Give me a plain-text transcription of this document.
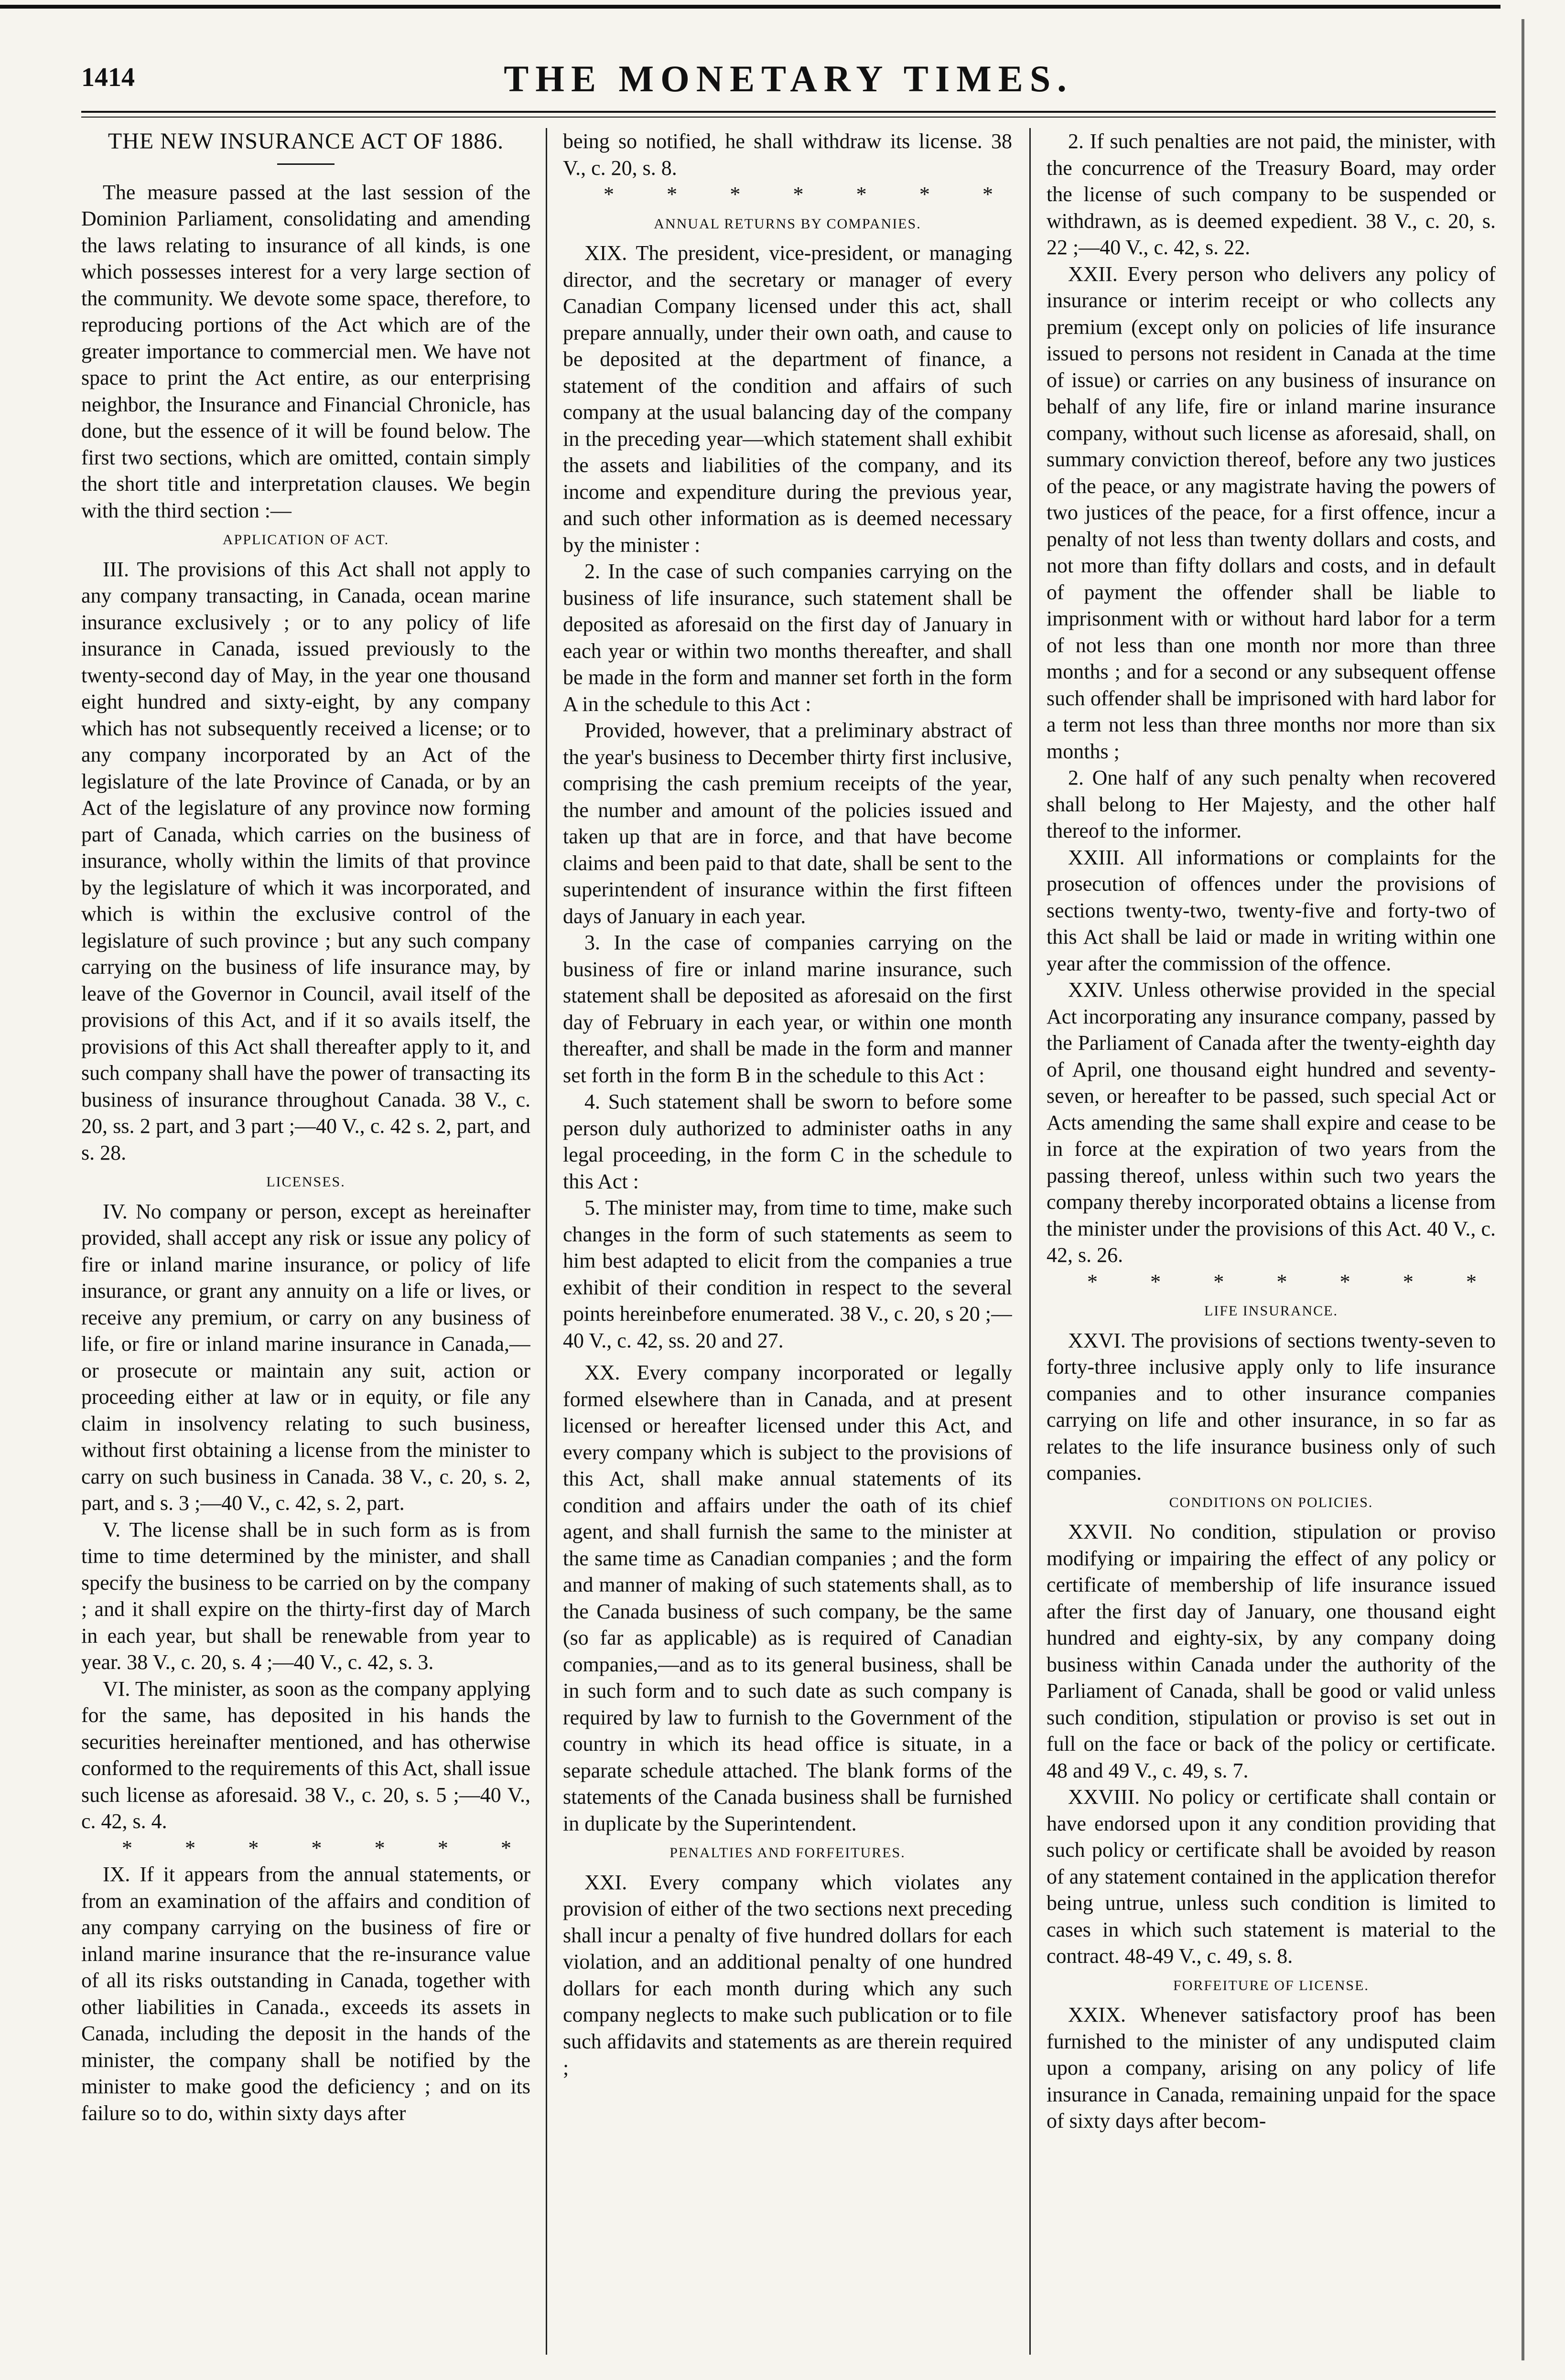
1414	THE MONETARY TIMES.
THE NEW INSURANCE ACT OF 1886.

The measure passed at the last session of the Dominion Parliament, consolidating and amending the laws relating to insurance of all kinds, is one which possesses interest for a very large section of the community. We devote some space, therefore, to reproducing portions of the Act which are of the greater importance to commercial men. We have not space to print the Act entire, as our enterprising neighbor, the Insurance and Financial Chronicle, has done, but the essence of it will be found below. The first two sections, which are omitted, contain simply the short title and interpretation clauses. We begin with the third section :—

APPLICATION OF ACT.

III. The provisions of this Act shall not apply to any company transacting, in Canada, ocean marine insurance exclusively ; or to any policy of life insurance in Canada, issued previously to the twenty-second day of May, in the year one thousand eight hundred and sixty-eight, by any company which has not subsequently received a license; or to any company incorporated by an Act of the legislature of the late Province of Canada, or by an Act of the legislature of any province now forming part of Canada, which carries on the business of insurance, wholly within the limits of that province by the legislature of which it was incorporated, and which is within the exclusive control of the legislature of such province ; but any such company carrying on the business of life insurance may, by leave of the Governor in Council, avail itself of the provisions of this Act, and if it so avails itself, the provisions of this Act shall thereafter apply to it, and such company shall have the power of transacting its business of insurance throughout Canada. 38 V., c. 20, ss. 2 part, and 3 part ;—40 V., c. 42 s. 2, part, and s. 28.

LICENSES.

IV. No company or person, except as hereinafter provided, shall accept any risk or issue any policy of fire or inland marine insurance, or policy of life insurance, or grant any annuity on a life or lives, or receive any premium, or carry on any business of life, or fire or inland marine insurance in Canada,—or prosecute or maintain any suit, action or proceeding either at law or in equity, or file any claim in insolvency relating to such business, without first obtaining a license from the minister to carry on such business in Canada. 38 V., c. 20, s. 2, part, and s. 3 ;—40 V., c. 42, s. 2, part.

V. The license shall be in such form as is from time to time determined by the minister, and shall specify the business to be carried on by the company ; and it shall expire on the thirty-first day of March in each year, but shall be renewable from year to year. 38 V., c. 20, s. 4 ;—40 V., c. 42, s. 3.

VI. The minister, as soon as the company applying for the same, has deposited in his hands the securities hereinafter mentioned, and has otherwise conformed to the requirements of this Act, shall issue such license as aforesaid. 38 V., c. 20, s. 5 ;—40 V., c. 42, s. 4.

* * * * * * *

IX. If it appears from the annual statements, or from an examination of the affairs and condition of any company carrying on the business of fire or inland marine insurance that the re-insurance value of all its risks outstanding in Canada, together with other liabilities in Canada., exceeds its assets in Canada, including the deposit in the hands of the minister, the company shall be notified by the minister to make good the deficiency ; and on its failure so to do, within sixty days after

being so notified, he shall withdraw its license. 38 V., c. 20, s. 8.

* * * * * * *

ANNUAL RETURNS BY COMPANIES.

XIX. The president, vice-president, or managing director, and the secretary or manager of every Canadian Company licensed under this act, shall prepare annually, under their own oath, and cause to be deposited at the department of finance, a statement of the condition and affairs of such company at the usual balancing day of the company in the preceding year—which statement shall exhibit the assets and liabilities of the company, and its income and expenditure during the previous year, and such other information as is deemed necessary by the minister :

2. In the case of such companies carrying on the business of life insurance, such statement shall be deposited as aforesaid on the first day of January in each year or within two months thereafter, and shall be made in the form and manner set forth in the form A in the schedule to this Act :

Provided, however, that a preliminary abstract of the year's business to December thirty first inclusive, comprising the cash premium receipts of the year, the number and amount of the policies issued and taken up that are in force, and that have become claims and been paid to that date, shall be sent to the superintendent of insurance within the first fifteen days of January in each year.

3. In the case of companies carrying on the business of fire or inland marine insurance, such statement shall be deposited as aforesaid on the first day of February in each year, or within one month thereafter, and shall be made in the form and manner set forth in the form B in the schedule to this Act :

4. Such statement shall be sworn to before some person duly authorized to administer oaths in any legal proceeding, in the form C in the schedule to this Act :

5. The minister may, from time to time, make such changes in the form of such statements as seem to him best adapted to elicit from the companies a true exhibit of their condition in respect to the several points hereinbefore enumerated. 38 V., c. 20, s 20 ;—40 V., c. 42, ss. 20 and 27.

XX. Every company incorporated or legally formed elsewhere than in Canada, and at present licensed or hereafter licensed under this Act, and every company which is subject to the provisions of this Act, shall make annual statements of its condition and affairs under the oath of its chief agent, and shall furnish the same to the minister at the same time as Canadian companies ; and the form and manner of making of such statements shall, as to the Canada business of such company, be the same (so far as applicable) as is required of Canadian companies,—and as to its general business, shall be in such form and to such date as such company is required by law to furnish to the Government of the country in which its head office is situate, in a separate schedule attached. The blank forms of the statements of the Canada business shall be furnished in duplicate by the Superintendent.

PENALTIES AND FORFEITURES.

XXI. Every company which violates any provision of either of the two sections next preceding shall incur a penalty of five hundred dollars for each violation, and an additional penalty of one hundred dollars for each month during which any such company neglects to make such publication or to file such affidavits and statements as are therein required ;

2. If such penalties are not paid, the minister, with the concurrence of the Treasury Board, may order the license of such company to be suspended or withdrawn, as is deemed expedient. 38 V., c. 20, s. 22 ;—40 V., c. 42, s. 22.

XXII. Every person who delivers any policy of insurance or interim receipt or who collects any premium (except only on policies of life insurance issued to persons not resident in Canada at the time of issue) or carries on any business of insurance on behalf of any life, fire or inland marine insurance company, without such license as aforesaid, shall, on summary conviction thereof, before any two justices of the peace, or any magistrate having the powers of two justices of the peace, for a first offence, incur a penalty of not less than twenty dollars and costs, and not more than fifty dollars and costs, and in default of payment the offender shall be liable to imprisonment with or without hard labor for a term of not less than one month nor more than three months ; and for a second or any subsequent offense such offender shall be imprisoned with hard labor for a term not less than three months nor more than six months ;

2. One half of any such penalty when recovered shall belong to Her Majesty, and the other half thereof to the informer.

XXIII. All informations or complaints for the prosecution of offences under the provisions of sections twenty-two, twenty-five and forty-two of this Act shall be laid or made in writing within one year after the commission of the offence.

XXIV. Unless otherwise provided in the special Act incorporating any insurance company, passed by the Parliament of Canada after the twenty-eighth day of April, one thousand eight hundred and seventy-seven, or hereafter to be passed, such special Act or Acts amending the same shall expire and cease to be in force at the expiration of two years from the passing thereof, unless within such two years the company thereby incorporated obtains a license from the minister under the provisions of this Act. 40 V., c. 42, s. 26.

* * * * * * *

LIFE INSURANCE.

XXVI. The provisions of sections twenty-seven to forty-three inclusive apply only to life insurance companies and to other insurance companies carrying on life and other insurance, in so far as relates to the life insurance business only of such companies.

CONDITIONS ON POLICIES.

XXVII. No condition, stipulation or proviso modifying or impairing the effect of any policy or certificate of membership of life insurance issued after the first day of January, one thousand eight hundred and eighty-six, by any company doing business within Canada under the authority of the Parliament of Canada, shall be good or valid unless such condition, stipulation or proviso is set out in full on the face or back of the policy or certificate. 48 and 49 V., c. 49, s. 7.

XXVIII. No policy or certificate shall contain or have endorsed upon it any condition providing that such policy or certificate shall be avoided by reason of any statement contained in the application therefor being untrue, unless such condition is limited to cases in which such statement is material to the contract. 48-49 V., c. 49, s. 8.

FORFEITURE OF LICENSE.

XXIX. Whenever satisfactory proof has been furnished to the minister of any undisputed claim upon a company, arising on any policy of life insurance in Canada, remaining unpaid for the space of sixty days after becom-
